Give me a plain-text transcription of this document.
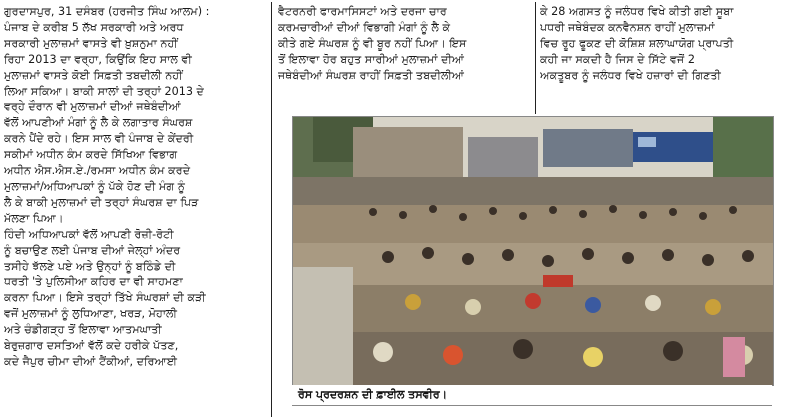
ਗੁਰਦਾਸਪੁਰ, 31 ਦਸੰਬਰ (ਹਰਜੀਤ ਸਿੰਘ ਆਲਮ) :
ਪੰਜਾਬ ਦੇ ਕਰੀਬ 5 ਲੱਖ ਸਰਕਾਰੀ ਅਤੇ ਅਰਧ
ਸਰਕਾਰੀ ਮੁਲਾਜ਼ਮਾਂ ਵਾਸਤੇ ਵੀ ਖ਼ੁਸ਼ਨੁਮਾ ਨਹੀਂ
ਰਿਹਾ 2013 ਦਾ ਵਰ੍ਹਾ, ਕਿਉਂਕਿ ਇਹ ਸਾਲ ਵੀ
ਮੁਲਾਜ਼ਮਾਂ ਵਾਸਤੇ ਕੋਈ ਸਿਫ਼ਤੀ ਤਬਦੀਲੀ ਨਹੀਂ
ਲਿਆ ਸਕਿਆ। ਬਾਕੀ ਸਾਲਾਂ ਦੀ ਤਰ੍ਹਾਂ 2013 ਦੇ
ਵਰ੍ਹੇ ਦੌਰਾਨ ਵੀ ਮੁਲਾਜ਼ਮਾਂ ਦੀਆਂ ਜਥੇਬੰਦੀਆਂ
ਵੱਲੋਂ ਆਪਣੀਆਂ ਮੰਗਾਂ ਨੂੰ ਲੈ ਕੇ ਲਗਾਤਾਰ ਸੰਘਰਸ਼
ਕਰਨੇ ਪੈਂਦੇ ਰਹੇ। ਇਸ ਸਾਲ ਵੀ ਪੰਜਾਬ ਦੇ ਕੇਂਦਰੀ
ਸਕੀਮਾਂ ਅਧੀਨ ਕੰਮ ਕਰਦੇ ਸਿੱਖਿਆ ਵਿਭਾਗ
ਅਧੀਨ ਐਸ.ਐਸ.ਏ./ਰਮਸਾ ਅਧੀਨ ਕੰਮ ਕਰਦੇ
ਮੁਲਾਜ਼ਮਾਂ/ਅਧਿਆਪਕਾਂ ਨੂੰ ਪੱਕੇ ਹੋਣ ਦੀ ਮੰਗ ਨੂੰ
ਲੈ ਕੇ ਬਾਕੀ ਮੁਲਾਜ਼ਮਾਂ ਦੀ ਤਰ੍ਹਾਂ ਸੰਘਰਸ਼ ਦਾ ਪਿੜ
ਮੱਲਣਾ ਪਿਆ।
ਹਿੰਦੀ ਅਧਿਆਪਕਾਂ ਵੱਲੋਂ ਆਪਣੀ ਰੋਜ਼ੀ-ਰੋਟੀ
ਨੂੰ ਬਚਾਉਣ ਲਈ ਪੰਜਾਬ ਦੀਆਂ ਜੇਲ੍ਹਾਂ ਅੰਦਰ
ਤਸੀਹੇ ਝੱਲਣੇ ਪਏ ਅਤੇ ਉਨ੍ਹਾਂ ਨੂੰ ਬਠਿੰਡੇ ਦੀ
ਧਰਤੀ 'ਤੇ ਪੁਲਿਸੀਆ ਕਹਿਰ ਦਾ ਵੀ ਸਾਹਮਣਾ
ਕਰਨਾ ਪਿਆ। ਇਸੇ ਤਰ੍ਹਾਂ ਤਿੱਖੇ ਸੰਘਰਸ਼ਾਂ ਦੀ ਕੜੀ
ਵਜੋਂ ਮੁਲਾਜ਼ਮਾਂ ਨੂੰ ਲੁਧਿਆਣਾ, ਖਰੜ, ਮੋਹਾਲੀ
ਅਤੇ ਚੰਡੀਗੜ੍ਹ ਤੋਂ ਇਲਾਵਾ ਆਤਮਘਾਤੀ
ਬੇਰੁਜ਼ਗਾਰ ਦਸਤਿਆਂ ਵੱਲੋਂ ਕਦੇ ਹਰੀਕੇ ਪੱਤਣ,
ਕਦੇ ਜੈਪੁਰ ਚੀਮਾ ਦੀਆਂ ਟੈਂਕੀਆਂ, ਦਰਿਆਈ
ਵੈਟਰਨਰੀ ਫਾਰਮਾਸਿਸਟਾਂ ਅਤੇ ਦਰਜਾ ਚਾਰ
ਕਰਮਚਾਰੀਆਂ ਦੀਆਂ ਵਿਭਾਗੀ ਮੰਗਾਂ ਨੂੰ ਲੈ ਕੇ
ਕੀਤੇ ਗਏ ਸੰਘਰਸ਼ ਨੂੰ ਵੀ ਬੂਰ ਨਹੀਂ ਪਿਆ। ਇਸ
ਤੋਂ ਇਲਾਵਾ ਹੋਰ ਬਹੁਤ ਸਾਰੀਆਂ ਮੁਲਾਜ਼ਮਾਂ ਦੀਆਂ
ਜਥੇਬੰਦੀਆਂ ਸੰਘਰਸ਼ ਰਾਹੀਂ ਸਿਫ਼ਤੀ ਤਬਦੀਲੀਆਂ
ਕੇ 28 ਅਗਸਤ ਨੂੰ ਜਲੰਧਰ ਵਿਖੇ ਕੀਤੀ ਗਈ ਸੂਬਾ
ਪਧਰੀ ਜਥੇਬੰਦਕ ਕਨਵੈਨਸ਼ਨ ਰਾਹੀਂ ਮੁਲਾਜ਼ਮਾਂ
ਵਿਚ ਰੂਹ ਫੂਕਣ ਦੀ ਕੋਸ਼ਿਸ਼ ਸ਼ਲਾਘਾਯੋਗ ਪ੍ਰਾਪਤੀ
ਕਹੀ ਜਾ ਸਕਦੀ ਹੈ ਜਿਸ ਦੇ ਸਿੱਟੇ ਵਜੋਂ 2
ਅਕਤੂਬਰ ਨੂੰ ਜਲੰਧਰ ਵਿਖੇ ਹਜ਼ਾਰਾਂ ਦੀ ਗਿਣਤੀ
ਰੋਸ ਪ੍ਰਦਰਸ਼ਨ ਦੀ ਫ਼ਾਈਲ ਤਸਵੀਰ।
